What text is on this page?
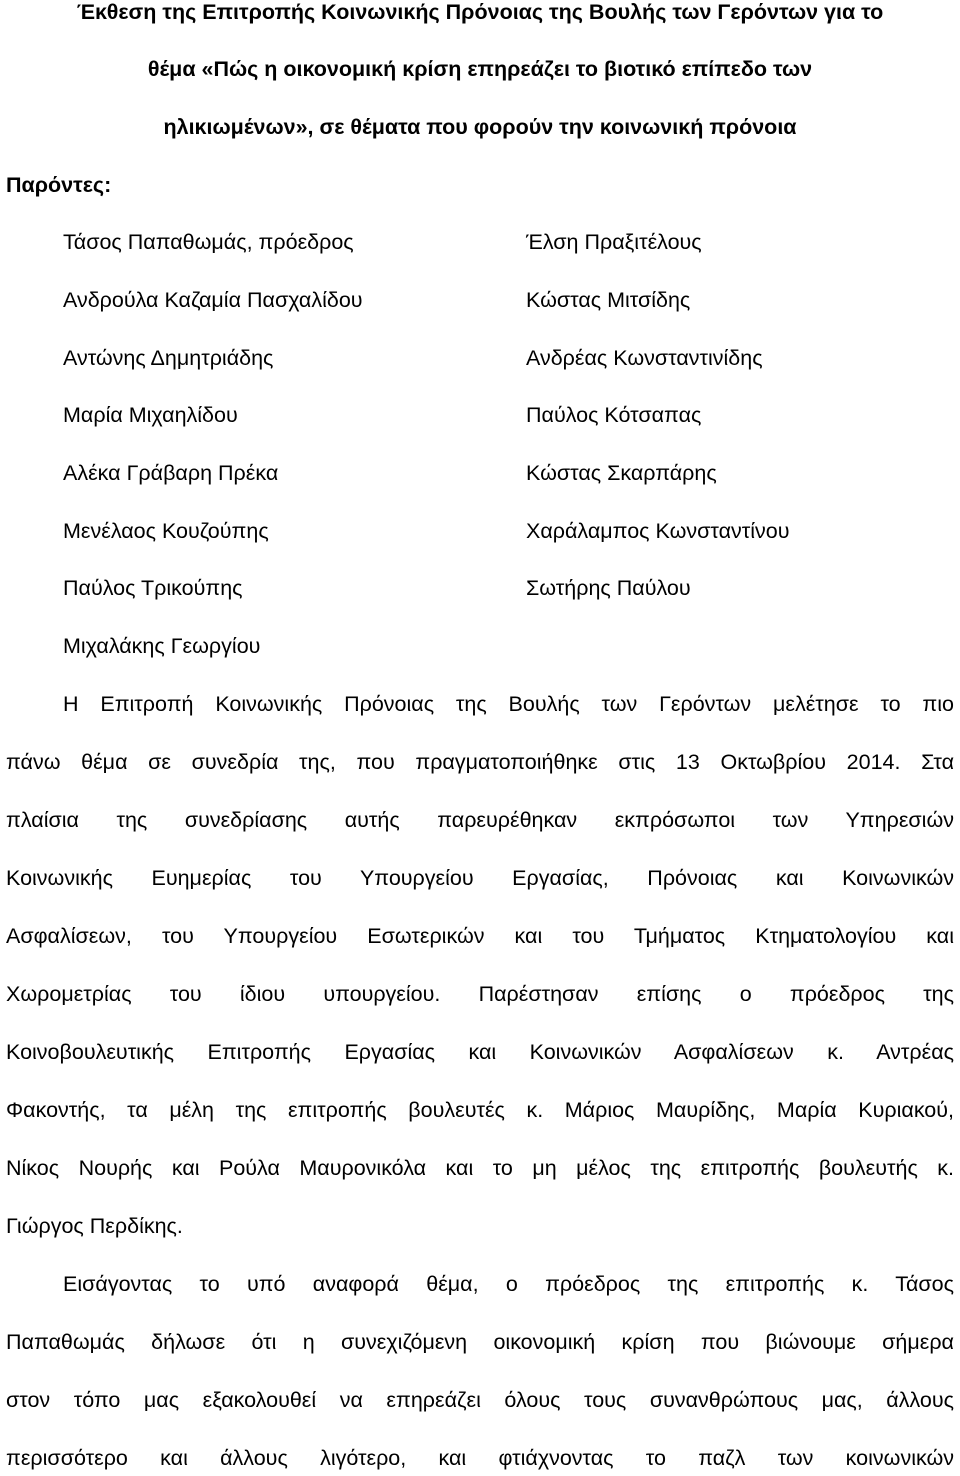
Έκθεση της Επιτροπής Κοινωνικής Πρόνοιας της Βουλής των Γερόντων για το
θέμα «Πώς η οικονομική κρίση επηρεάζει το βιοτικό επίπεδο των
ηλικιωμένων», σε θέματα που φορούν την κοινωνική πρόνοια
Παρόντες:
Τάσος Παπαθωμάς, πρόεδρος
Ανδρούλα Καζαμία Πασχαλίδου
Αντώνης Δημητριάδης
Μαρία Μιχαηλίδου
Αλέκα Γράβαρη Πρέκα
Μενέλαος Κουζούπης
Παύλος Τρικούπης
Μιχαλάκης Γεωργίου
Έλση Πραξιτέλους
Κώστας Μιτσίδης
Ανδρέας Κωνσταντινίδης
Παύλος Κότσαπας
Κώστας Σκαρπάρης
Χαράλαμπος Κωνσταντίνου
Σωτήρης Παύλου
Η Επιτροπή Κοινωνικής Πρόνοιας της Βουλής των Γερόντων μελέτησε το πιο
πάνω θέμα σε συνεδρία της, που πραγματοποιήθηκε στις 13 Οκτωβρίου 2014. Στα
πλαίσια της συνεδρίασης αυτής παρευρέθηκαν εκπρόσωποι των Υπηρεσιών
Κοινωνικής Ευημερίας του Υπουργείου Εργασίας, Πρόνοιας και Κοινωνικών
Ασφαλίσεων, του Υπουργείου Εσωτερικών και του Τμήματος Κτηματολογίου και
Χωρομετρίας του ίδιου υπουργείου. Παρέστησαν επίσης ο πρόεδρος της
Κοινοβουλευτικής Επιτροπής Εργασίας και Κοινωνικών Ασφαλίσεων κ. Αντρέας
Φακοντής, τα μέλη της επιτροπής βουλευτές κ. Μάριος Μαυρίδης, Μαρία Κυριακού,
Νίκος Νουρής και Ρούλα Μαυρονικόλα και το μη μέλος της επιτροπής βουλευτής κ.
Γιώργος Περδίκης.
Εισάγοντας το υπό αναφορά θέμα, ο πρόεδρος της επιτροπής κ. Τάσος
Παπαθωμάς δήλωσε ότι η συνεχιζόμενη οικονομική κρίση που βιώνουμε σήμερα
στον τόπο μας εξακολουθεί να επηρεάζει όλους τους συνανθρώπους μας, άλλους
περισσότερο και άλλους λιγότερο, και φτιάχνοντας το παζλ των κοινωνικών
